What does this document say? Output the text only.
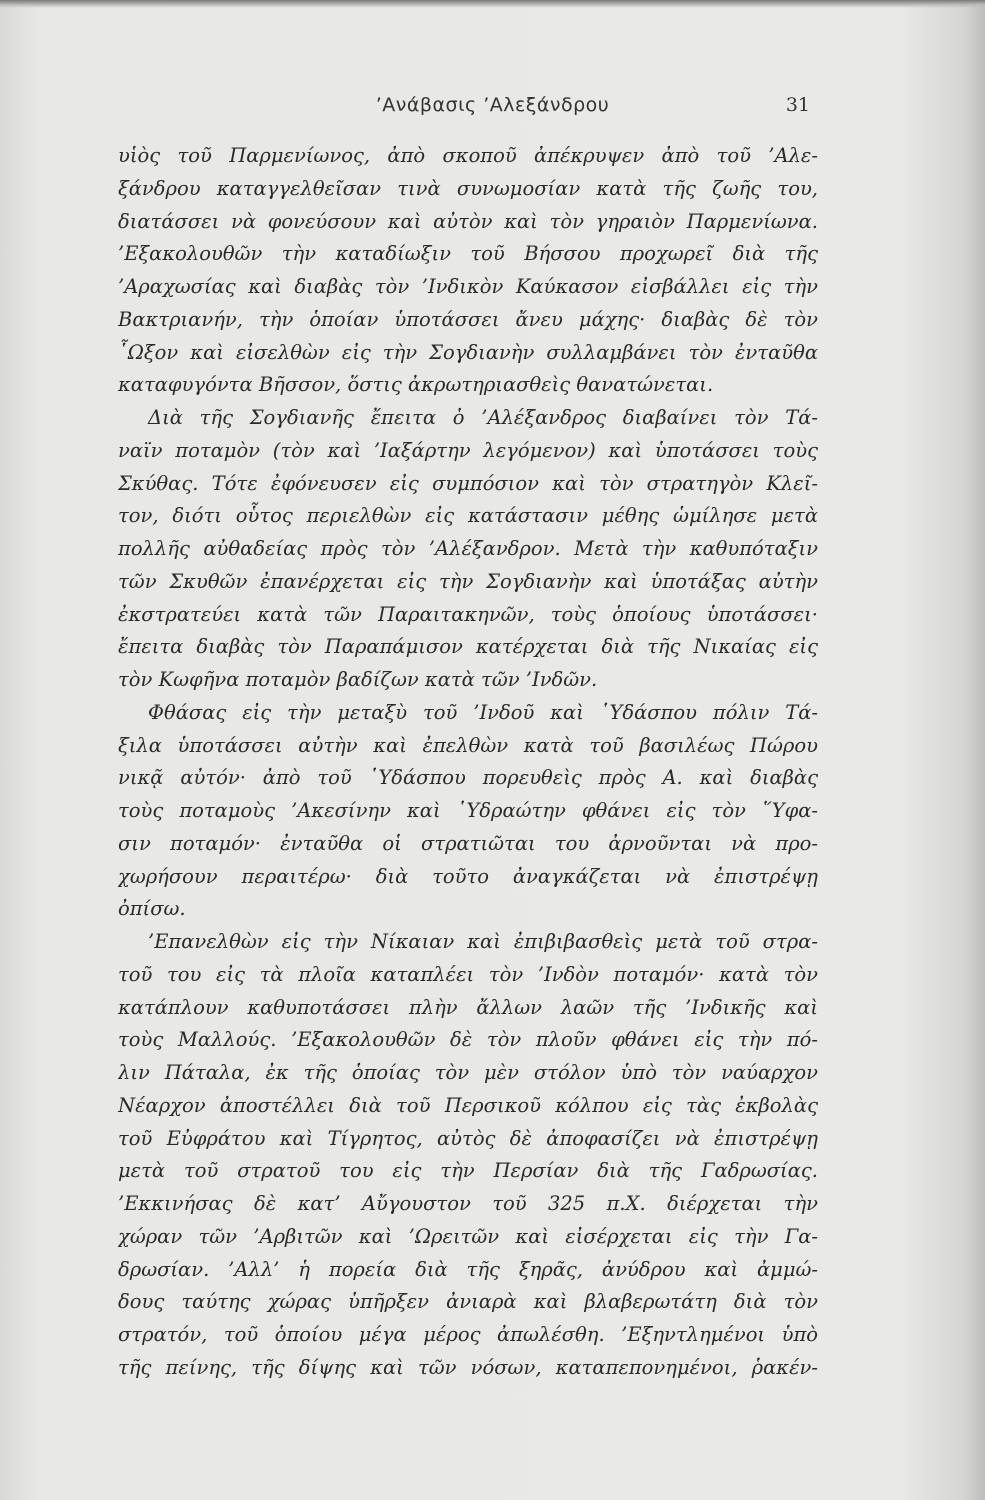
’Ανάβασις ’Αλεξάνδρου	31
υἱὸς τοῦ Παρμενίωνος, ἀπὸ σκοποῦ ἀπέκρυψεν ἀπὸ τοῦ ’Αλε-
ξάνδρου καταγγελθεῖσαν τινὰ συνωμοσίαν κατὰ τῆς ζωῆς του,
διατάσσει νὰ φονεύσουν καὶ αὐτὸν καὶ τὸν γηραιὸν Παρμενίωνα.
’Εξακολουθῶν τὴν καταδίωξιν τοῦ Βήσσου προχωρεῖ διὰ τῆς
’Αραχωσίας καὶ διαβὰς τὸν ’Ινδικὸν Καύκασον εἰσβάλλει εἰς τὴν
Βακτριανήν, τὴν ὁποίαν ὑποτάσσει ἄνευ μάχης· διαβὰς δὲ τὸν
῟Ωξον καὶ εἰσελθὼν εἰς τὴν Σογδιανὴν συλλαμβάνει τὸν ἐνταῦθα
καταφυγόντα Βῆσσον, ὅστις ἀκρωτηριασθεὶς θανατώνεται.
Διὰ τῆς Σογδιανῆς ἔπειτα ὁ ’Αλέξανδρος διαβαίνει τὸν Τά-
ναϊν ποταμὸν (τὸν καὶ ’Ιαξάρτην λεγόμενον) καὶ ὑποτάσσει τοὺς
Σκύθας. Τότε ἐφόνευσεν εἰς συμπόσιον καὶ τὸν στρατηγὸν Κλεῖ-
τον, διότι οὗτος περιελθὼν εἰς κατάστασιν μέθης ὡμίλησε μετὰ
πολλῆς αὐθαδείας πρὸς τὸν ’Αλέξανδρον. Μετὰ τὴν καθυπόταξιν
τῶν Σκυθῶν ἐπανέρχεται εἰς τὴν Σογδιανὴν καὶ ὑποτάξας αὐτὴν
ἐκστρατεύει κατὰ τῶν Παραιτακηνῶν, τοὺς ὁποίους ὑποτάσσει·
ἔπειτα διαβὰς τὸν Παραπάμισον κατέρχεται διὰ τῆς Νικαίας εἰς
τὸν Κωφῆνα ποταμὸν βαδίζων κατὰ τῶν ’Ινδῶν.
Φθάσας εἰς τὴν μεταξὺ τοῦ ’Ινδοῦ καὶ ῾Υδάσπου πόλιν Τά-
ξιλα ὑποτάσσει αὐτὴν καὶ ἐπελθὼν κατὰ τοῦ βασιλέως Πώρου
νικᾷ αὐτόν· ἀπὸ τοῦ ῾Υδάσπου πορευθεὶς πρὸς Α. καὶ διαβὰς
τοὺς ποταμοὺς ’Ακεσίνην καὶ ῾Υδραώτην φθάνει εἰς τὸν ῞Υφα-
σιν ποταμόν· ἐνταῦθα οἱ στρατιῶται του ἀρνοῦνται νὰ προ-
χωρήσουν περαιτέρω· διὰ τοῦτο ἀναγκάζεται νὰ ἐπιστρέψῃ
ὀπίσω.
’Επανελθὼν εἰς τὴν Νίκαιαν καὶ ἐπιβιβασθεὶς μετὰ τοῦ στρα-
τοῦ του εἰς τὰ πλοῖα καταπλέει τὸν ’Ινδὸν ποταμόν· κατὰ τὸν
κατάπλουν καθυποτάσσει πλὴν ἄλλων λαῶν τῆς ’Ινδικῆς καὶ
τοὺς Μαλλούς. ’Εξακολουθῶν δὲ τὸν πλοῦν φθάνει εἰς τὴν πό-
λιν Πάταλα, ἐκ τῆς ὁποίας τὸν μὲν στόλον ὑπὸ τὸν ναύαρχον
Νέαρχον ἀποστέλλει διὰ τοῦ Περσικοῦ κόλπου εἰς τὰς ἐκβολὰς
τοῦ Εὐφράτου καὶ Τίγρητος, αὐτὸς δὲ ἀποφασίζει νὰ ἐπιστρέψῃ
μετὰ τοῦ στρατοῦ του εἰς τὴν Περσίαν διὰ τῆς Γαδρωσίας.
’Εκκινήσας δὲ κατ’ Αὔγουστον τοῦ 325 π.Χ. διέρχεται τὴν
χώραν τῶν ’Αρβιτῶν καὶ ’Ωρειτῶν καὶ εἰσέρχεται εἰς τὴν Γα-
δρωσίαν. ’Αλλ’ ἡ πορεία διὰ τῆς ξηρᾶς, ἀνύδρου καὶ ἀμμώ-
δους ταύτης χώρας ὑπῆρξεν ἀνιαρὰ καὶ βλαβερωτάτη διὰ τὸν
στρατόν, τοῦ ὁποίου μέγα μέρος ἀπωλέσθη. ’Εξηντλημένοι ὑπὸ
τῆς πείνης, τῆς δίψης καὶ τῶν νόσων, καταπεπονημένοι, ῥακέν-
